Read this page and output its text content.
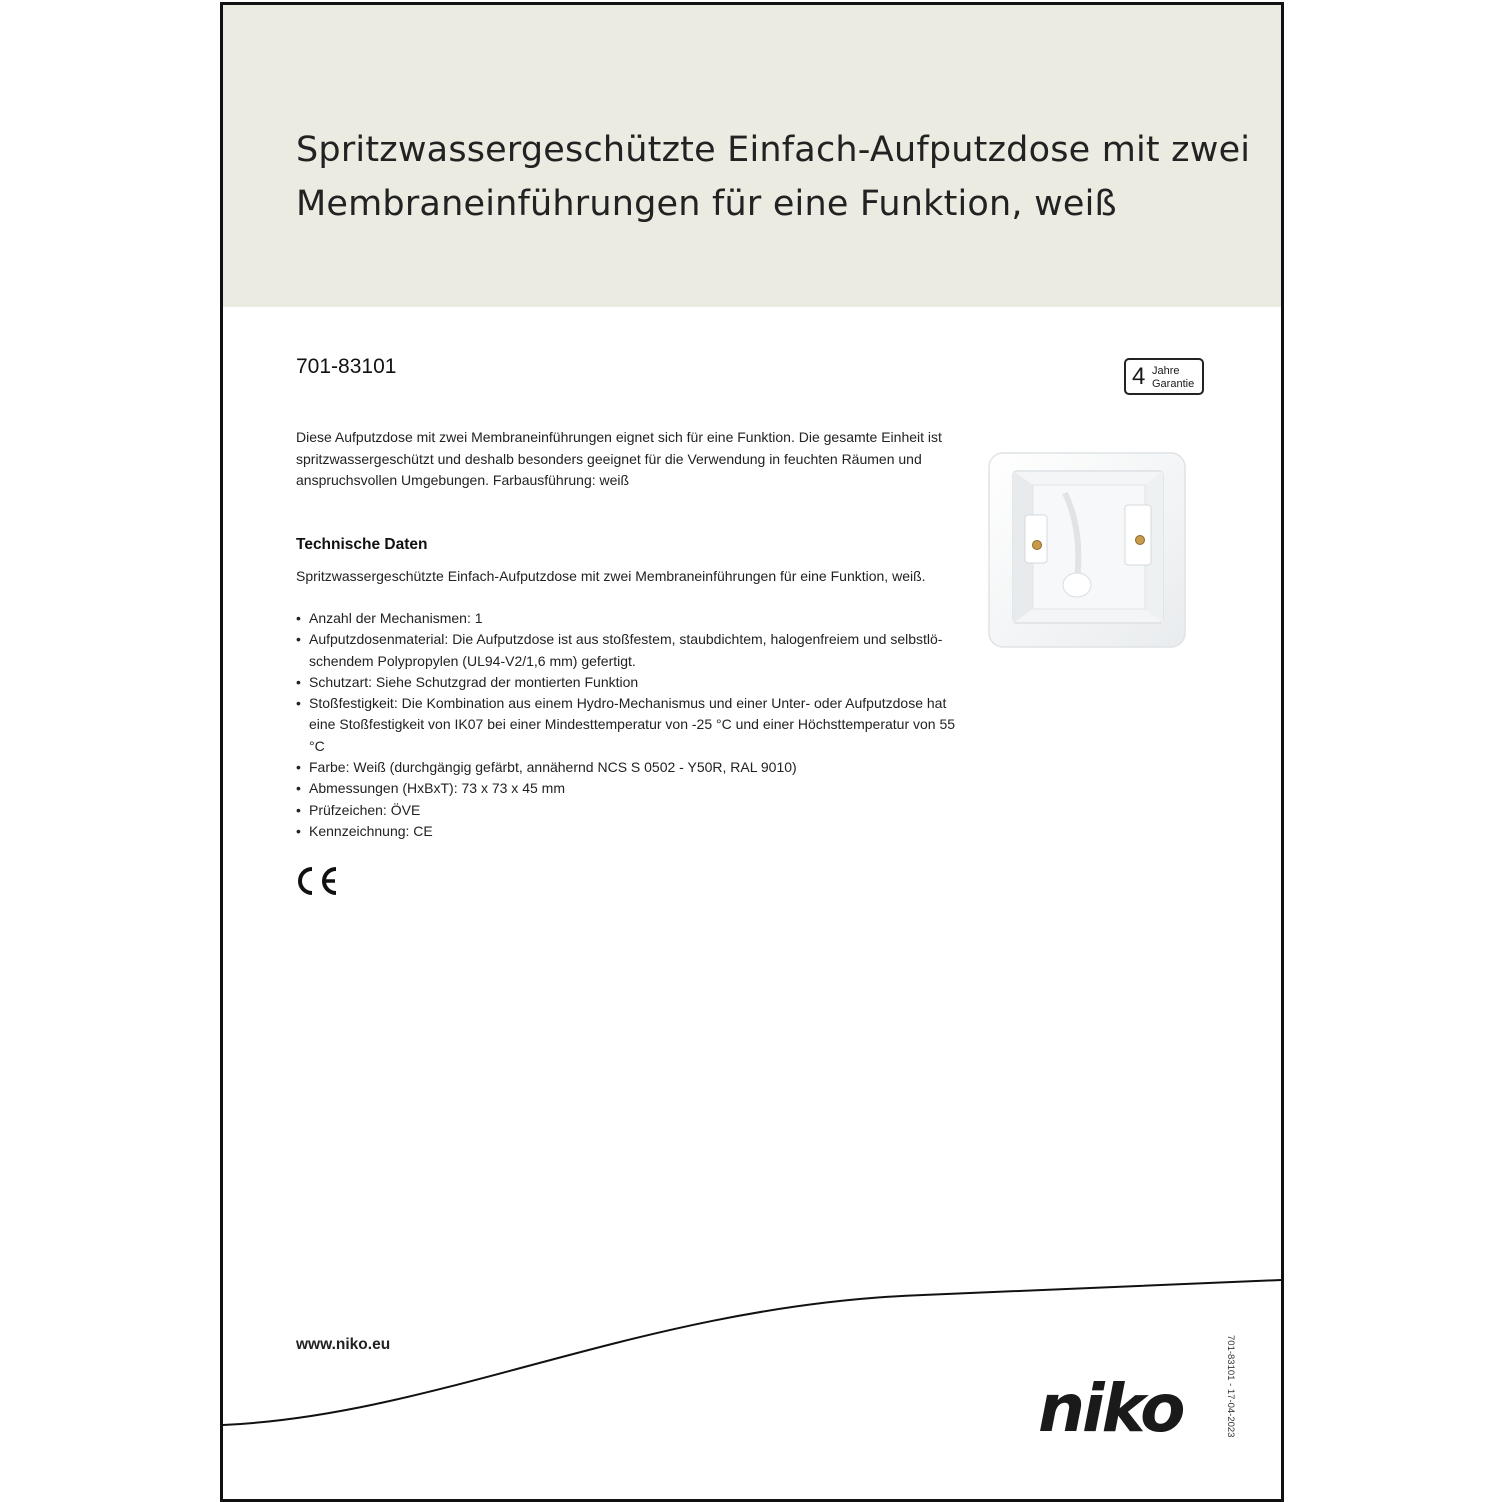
Spritzwassergeschützte Einfach-Aufputzdose mit zwei Membraneinführungen für eine Funktion, weiß
701-83101	4 Jahre
Garantie

Diese Aufputzdose mit zwei Membraneinführungen eignet sich für eine Funktion. Die gesamte Einheit ist spritzwassergeschützt und deshalb besonders geeignet für die Verwendung in feuchten Räumen und anspruchsvollen Umgebungen. Farbausführung: weiß

Technische Daten

Spritzwassergeschützte Einfach-Aufputzdose mit zwei Membraneinführungen für eine Funktion, weiß.

• Anzahl der Mechanismen: 1
• Aufputzdosenmaterial: Die Aufputzdose ist aus stoßfestem, staubdichtem, halogenfreiem und selbstlö-schendem Polypropylen (UL94-V2/1,6 mm) gefertigt.
• Schutzart: Siehe Schutzgrad der montierten Funktion
• Stoßfestigkeit: Die Kombination aus einem Hydro-Mechanismus und einer Unter- oder Aufputzdose hat eine Stoßfestigkeit von IK07 bei einer Mindesttemperatur von -25 °C und einer Höchsttemperatur von 55 °C
• Farbe: Weiß (durchgängig gefärbt, annähernd NCS S 0502 - Y50R, RAL 9010)
• Abmessungen (HxBxT): 73 x 73 x 45 mm
• Prüfzeichen: ÖVE
• Kennzeichnung: CE

www.niko.eu

niko	701-83101 - 17-04-2023
